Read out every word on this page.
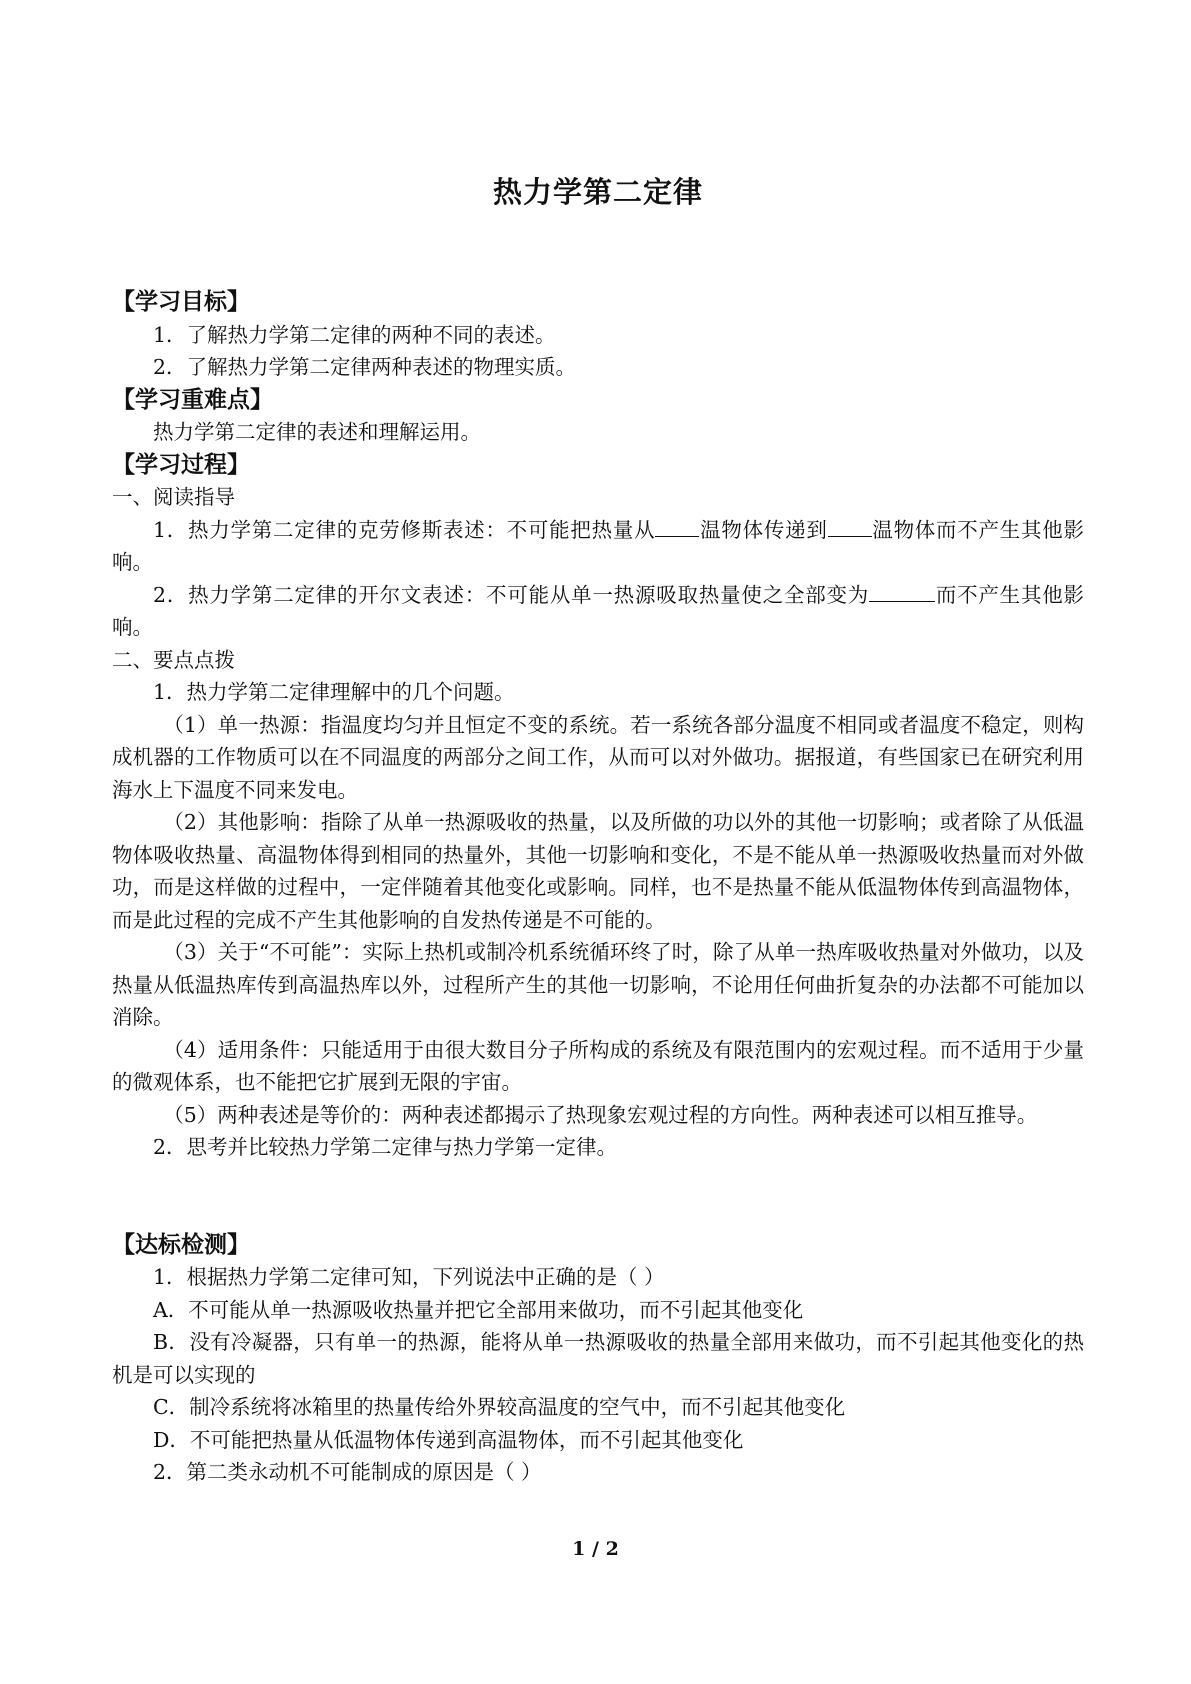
热力学第二定律

【学习目标】

1．了解热力学第二定律的两种不同的表述。

2．了解热力学第二定律两种表述的物理实质。

【学习重难点】

热力学第二定律的表述和理解运用。

【学习过程】

一、阅读指导

1．热力学第二定律的克劳修斯表述：不可能把热量从 温物体传递到 温物体而不产生其他影响。

2．热力学第二定律的开尔文表述：不可能从单一热源吸取热量使之全部变为	而不产生其他影响。

二、要点点拨

1．热力学第二定律理解中的几个问题。

（1）单一热源：指温度均匀并且恒定不变的系统。若一系统各部分温度不相同或者温度不稳定，则构成机器的工作物质可以在不同温度的两部分之间工作，从而可以对外做功。据报道，有些国家已在研究利用海水上下温度不同来发电。

（2）其他影响：指除了从单一热源吸收的热量，以及所做的功以外的其他一切影响；或者除了从低温物体吸收热量、高温物体得到相同的热量外，其他一切影响和变化，不是不能从单一热源吸收热量而对外做功，而是这样做的过程中，一定伴随着其他变化或影响。同样，也不是热量不能从低温物体传到高温物体，而是此过程的完成不产生其他影响的自发热传递是不可能的。

（3）关于“不可能”：实际上热机或制冷机系统循环终了时，除了从单一热库吸收热量对外做功，以及热量从低温热库传到高温热库以外，过程所产生的其他一切影响，不论用任何曲折复杂的办法都不可能加以消除。

（4）适用条件：只能适用于由很大数目分子所构成的系统及有限范围内的宏观过程。而不适用于少量的微观体系，也不能把它扩展到无限的宇宙。

（5）两种表述是等价的：两种表述都揭示了热现象宏观过程的方向性。两种表述可以相互推导。

2．思考并比较热力学第二定律与热力学第一定律。

【达标检测】

1．根据热力学第二定律可知，下列说法中正确的是（ ）

A．不可能从单一热源吸收热量并把它全部用来做功，而不引起其他变化

B．没有冷凝器，只有单一的热源，能将从单一热源吸收的热量全部用来做功，而不引起其他变化的热机是可以实现的

C．制冷系统将冰箱里的热量传给外界较高温度的空气中，而不引起其他变化

D．不可能把热量从低温物体传递到高温物体，而不引起其他变化

2．第二类永动机不可能制成的原因是（ ）

1 / 2
